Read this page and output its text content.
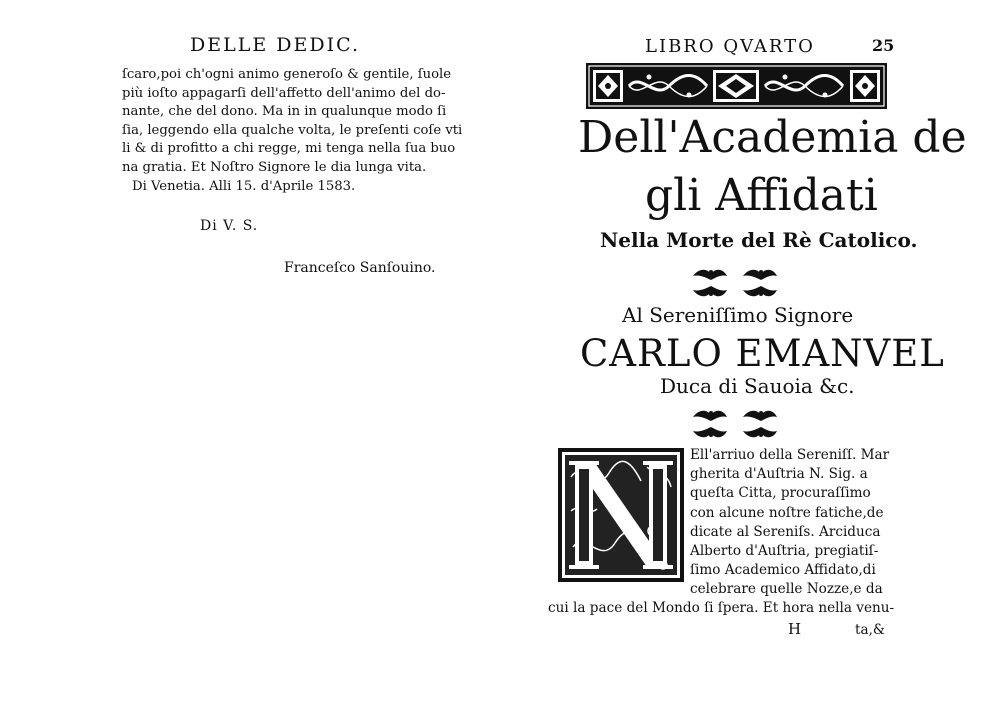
DELLE DEDIC.
ſcaro,poi ch'ogni animo generoſo & gentile, ſuole
più ioſto appagarſi dell'affetto dell'animo del do-
nante, che del dono. Ma in in qualunque modo ſi
ſia, leggendo ella qualche volta, le preſenti coſe vti
li & di profitto a chi regge, mi tenga nella ſua buo
na gratia. Et Noſtro Signore le dia lunga vita.
Di Venetia. Alli 15. d'Aprile 1583.
Di V. S.
Franceſco Sanſouino.
LIBRO QVARTO	25
Dell'Academia de
gli Affidati
Nella Morte del Rè Catolico.
Al Sereniſſimo Signore
CARLO EMANVEL
Duca di Sauoia &c.
Ell'arriuo della Sereniſſ. Mar
gherita d'Auſtria N. Sig. a
queſta Citta, procuraſſimo
con alcune noſtre fatiche,de
dicate al Sereniſs. Arciduca
Alberto d'Auſtria, pregiatiſ-
ſimo Academico Affidato,di
celebrare quelle Nozze,e da
cui la pace del Mondo ſi ſpera. Et hora nella venu-
H	ta,&
